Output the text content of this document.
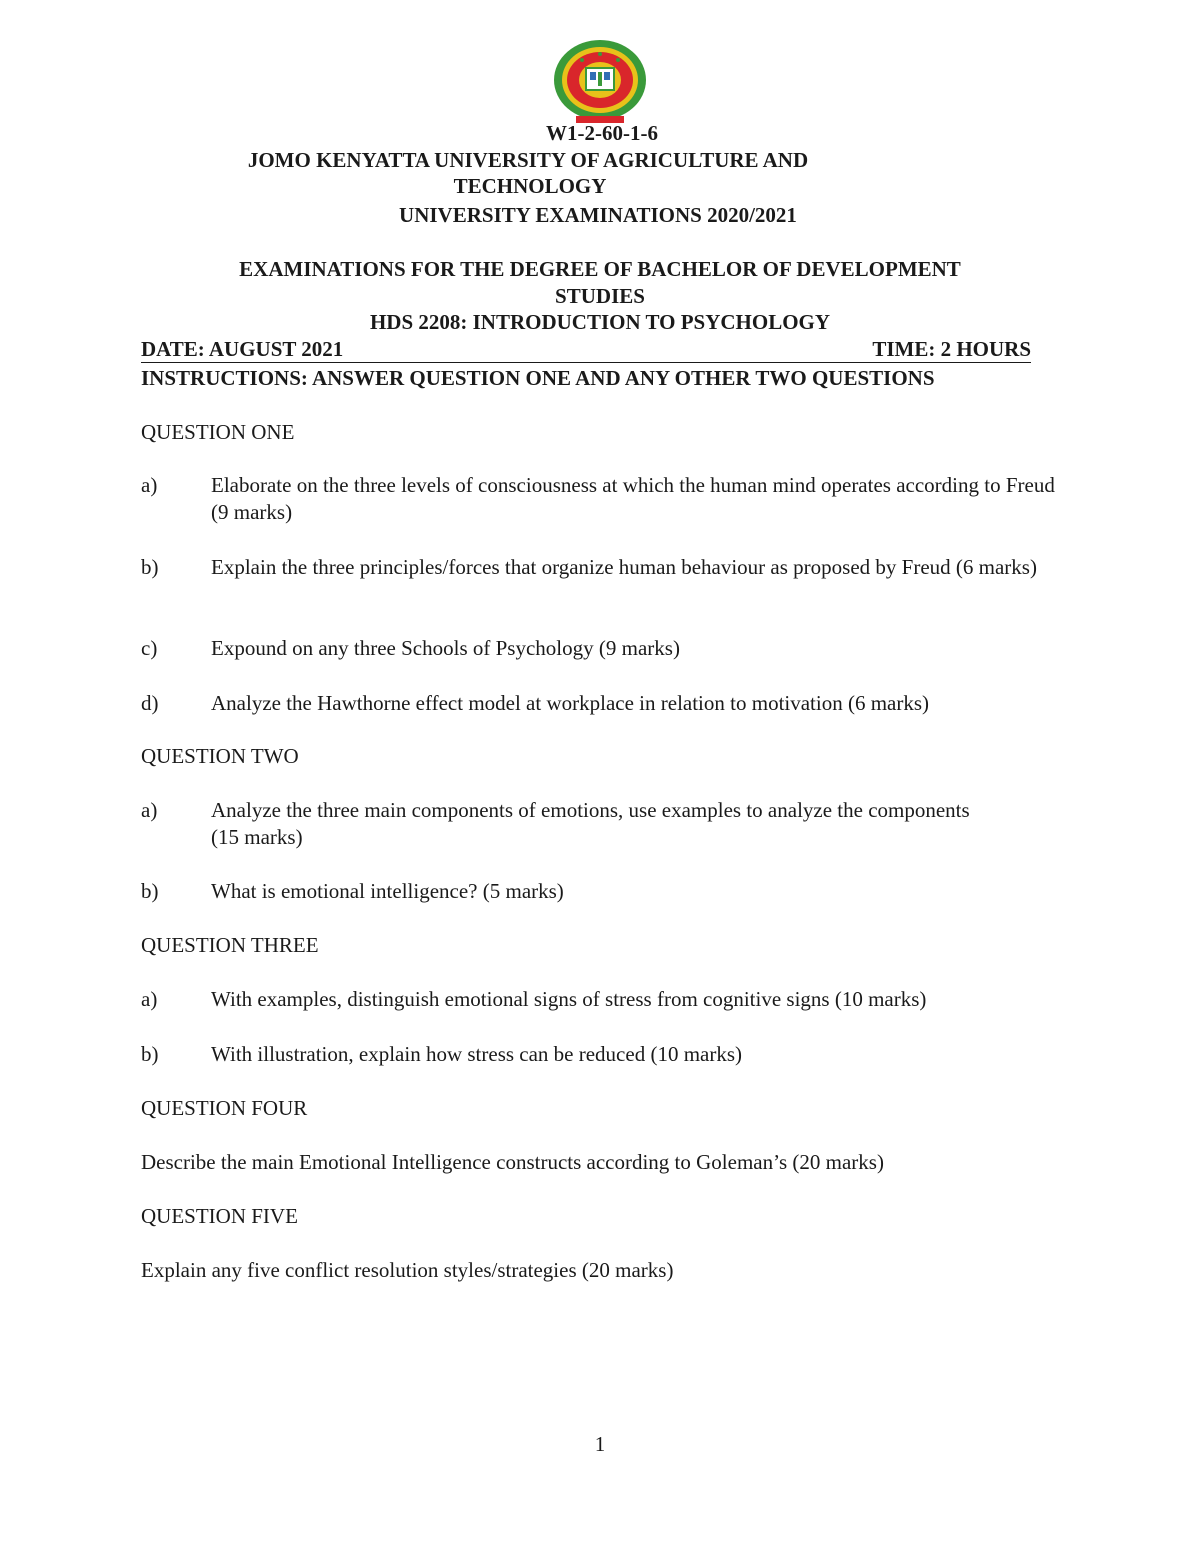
W1-2-60-1-6
JOMO KENYATTA UNIVERSITY OF AGRICULTURE AND
TECHNOLOGY
UNIVERSITY EXAMINATIONS 2020/2021
EXAMINATIONS FOR THE DEGREE OF BACHELOR OF DEVELOPMENT
STUDIES
HDS 2208: INTRODUCTION TO PSYCHOLOGY
DATE: AUGUST 2021	TIME: 2 HOURS
INSTRUCTIONS: ANSWER QUESTION ONE AND ANY OTHER TWO QUESTIONS
QUESTION ONE
a)	Elaborate on the three levels of consciousness at which the human mind operates according to Freud (9 marks)
b)	Explain the three principles/forces that organize human behaviour as proposed by Freud (6 marks)
c)	Expound on any three Schools of Psychology (9 marks)
d)	Analyze the Hawthorne effect model at workplace in relation to motivation (6 marks)
QUESTION TWO
a)	Analyze the three main components of emotions, use examples to analyze the components (15 marks)
b)	What is emotional intelligence? (5 marks)
QUESTION THREE
a)	With examples, distinguish emotional signs of stress from cognitive signs (10 marks)
b)	With illustration, explain how stress can be reduced (10 marks)
QUESTION FOUR
Describe the main Emotional Intelligence constructs according to Goleman’s (20 marks)
QUESTION FIVE
Explain any five conflict resolution styles/strategies (20 marks)
1
